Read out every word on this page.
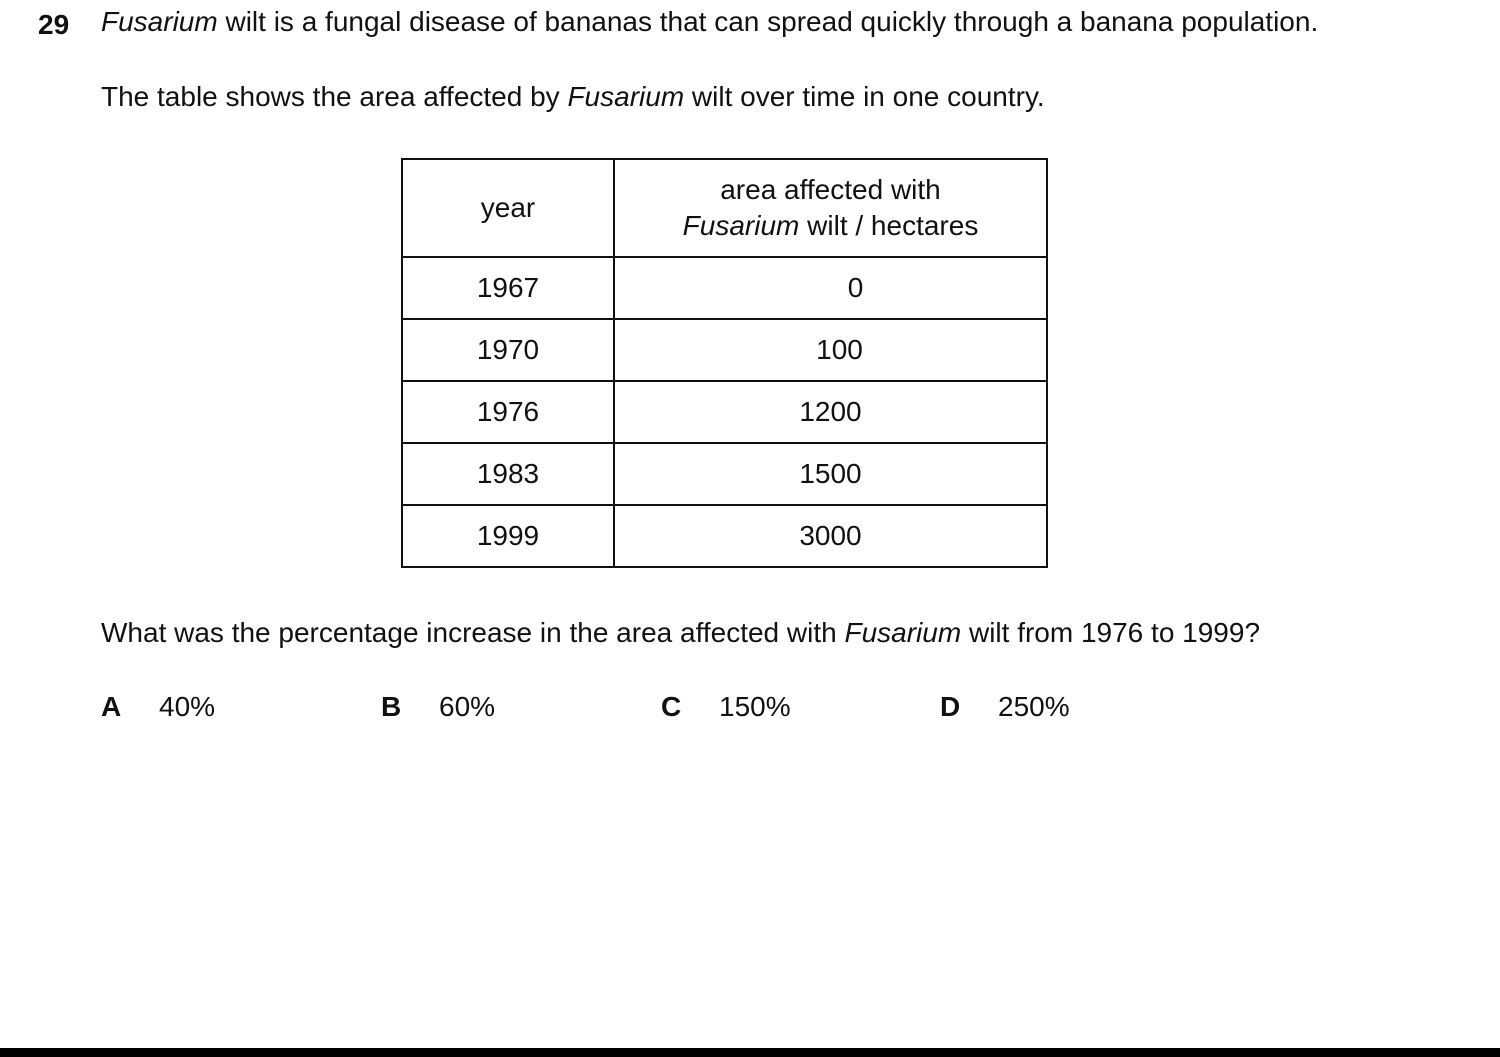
29 Fusarium wilt is a fungal disease of bananas that can spread quickly through a banana population.
The table shows the area affected by Fusarium wilt over time in one country.
year	area affected with
Fusarium wilt / hectares
1967	0
1970	100
1976	1200
1983	1500
1999	3000
What was the percentage increase in the area affected with Fusarium wilt from 1976 to 1999?
A 40%	B 60%	C 150%	D 250%
